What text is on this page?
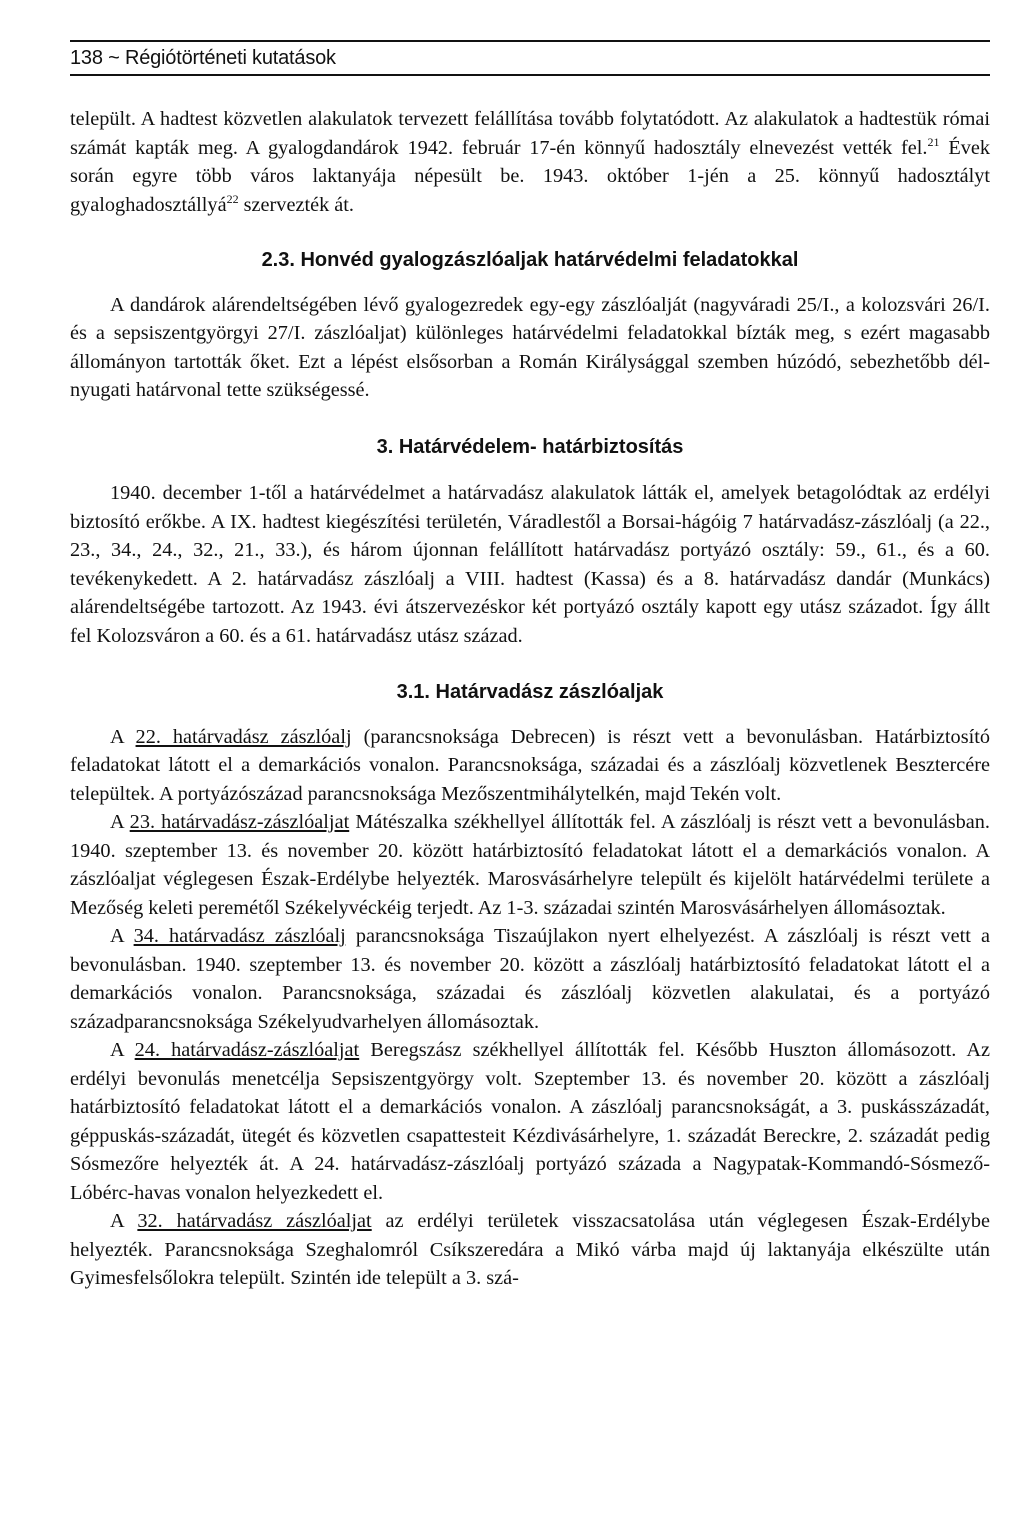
138 ~ Régiótörténeti kutatások

települt. A hadtest közvetlen alakulatok tervezett felállítása tovább folytatódott. Az alakulatok a hadtestük római számát kapták meg. A gyalogdandárok 1942. február 17-én könnyű hadosztály elnevezést vették fel.$^{21}$ Évek során egyre több város laktanyája népesült be. 1943. október 1-jén a 25. könnyű hadosztályt gyaloghadosztállyá$^{22}$ szervezték át.

2.3. Honvéd gyalogzászlóaljak határvédelmi feladatokkal

A dandárok alárendeltségében lévő gyalogezredek egy-egy zászlóalját (nagyváradi 25/I., a kolozsvári 26/I. és a sepsiszentgyörgyi 27/I. zászlóaljat) különleges határvédelmi feladatokkal bízták meg, s ezért magasabb állományon tartották őket. Ezt a lépést elsősorban a Román Királysággal szemben húzódó, sebezhetőbb dél-nyugati határvonal tette szükségessé.

3. Határvédelem- határbiztosítás

1940. december 1-től a határvédelmet a határvadász alakulatok látták el, amelyek betagolódtak az erdélyi biztosító erőkbe. A IX. hadtest kiegészítési területén, Váradlestől a Borsai-hágóig 7 határvadász-zászlóalj (a 22., 23., 34., 24., 32., 21., 33.), és három újonnan felállított határvadász portyázó osztály: 59., 61., és a 60. tevékenykedett. A 2. határvadász zászlóalj a VIII. hadtest (Kassa) és a 8. határvadász dandár (Munkács) alárendeltségébe tartozott. Az 1943. évi átszervezéskor két portyázó osztály kapott egy utász századot. Így állt fel Kolozsváron a 60. és a 61. határvadász utász század.

3.1. Határvadász zászlóaljak

A 22. határvadász zászlóalj (parancsnoksága Debrecen) is részt vett a bevonulásban. Határbiztosító feladatokat látott el a demarkációs vonalon. Parancsnoksága, századai és a zászlóalj közvetlenek Besztercére települtek. A portyázószázad parancsnoksága Mezőszentmihálytelkén, majd Tekén volt.

A 23. határvadász-zászlóaljat Mátészalka székhellyel állították fel. A zászlóalj is részt vett a bevonulásban. 1940. szeptember 13. és november 20. között határbiztosító feladatokat látott el a demarkációs vonalon. A zászlóaljat véglegesen Észak-Erdélybe helyezték. Marosvásárhelyre települt és kijelölt határvédelmi területe a Mezőség keleti peremétől Székelyvéckéig terjedt. Az 1-3. századai szintén Marosvásárhelyen állomásoztak.

A 34. határvadász zászlóalj parancsnoksága Tiszaújlakon nyert elhelyezést. A zászlóalj is részt vett a bevonulásban. 1940. szeptember 13. és november 20. között a zászlóalj határbiztosító feladatokat látott el a demarkációs vonalon. Parancsnoksága, századai és zászlóalj közvetlen alakulatai, és a portyázó századparancsnoksága Székelyudvarhelyen állomásoztak.

A 24. határvadász-zászlóaljat Beregszász székhellyel állították fel. Később Huszton állomásozott. Az erdélyi bevonulás menetcélja Sepsiszentgyörgy volt. Szeptember 13. és november 20. között a zászlóalj határbiztosító feladatokat látott el a demarkációs vonalon. A zászlóalj parancsnokságát, a 3. puskásszázadát, géppuskás-századát, ütegét és közvetlen csapattesteit Kézdivásárhelyre, 1. századát Bereckre, 2. századát pedig Sósmezőre helyezték át. A 24. határvadász-zászlóalj portyázó százada a Nagypatak-Kommandó-Sósmező-Lóbérc-havas vonalon helyezkedett el.

A 32. határvadász zászlóaljat az erdélyi területek visszacsatolása után véglegesen Észak-Erdélybe helyezték. Parancsnoksága Szeghalomról Csíkszeredára a Mikó várba majd új laktanyája elkészülte után Gyimesfelsőlokra települt. Szintén ide települt a 3. szá-
